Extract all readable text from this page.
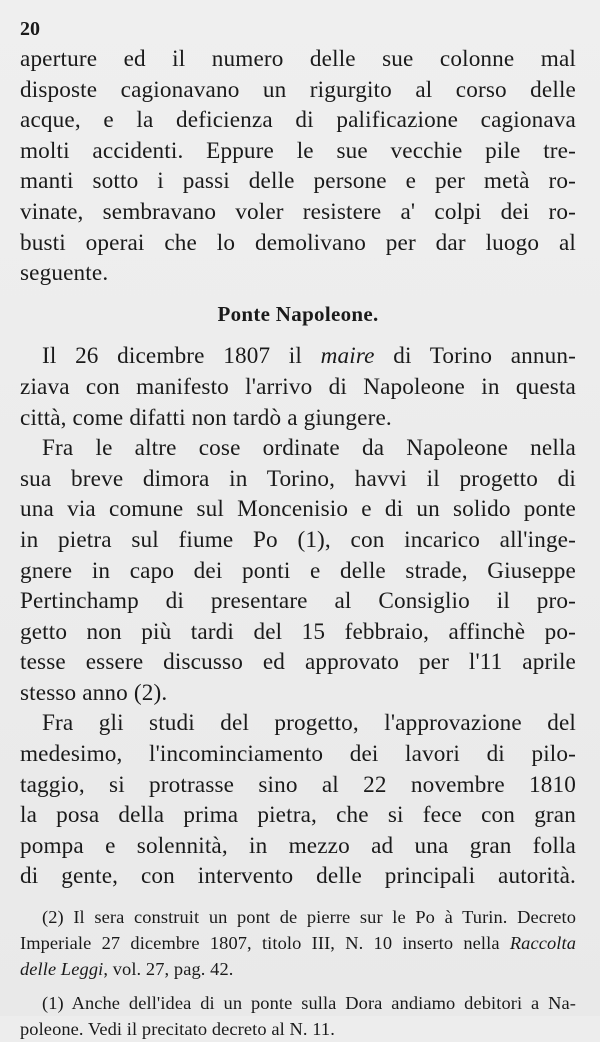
20
aperture ed il numero delle sue colonne mal
disposte cagionavano un rigurgito al corso delle
acque, e la deficienza di palificazione cagionava
molti accidenti. Eppure le sue vecchie pile tre-
manti sotto i passi delle persone e per metà ro-
vinate, sembravano voler resistere a' colpi dei ro-
busti operai che lo demolivano per dar luogo al
seguente.
Ponte Napoleone.
Il 26 dicembre 1807 il maire di Torino annun-
ziava con manifesto l'arrivo di Napoleone in questa
città, come difatti non tardò a giungere.
Fra le altre cose ordinate da Napoleone nella
sua breve dimora in Torino, havvi il progetto di
una via comune sul Moncenisio e di un solido ponte
in pietra sul fiume Po (1), con incarico all'inge-
gnere in capo dei ponti e delle strade, Giuseppe
Pertinchamp di presentare al Consiglio il pro-
getto non più tardi del 15 febbraio, affinchè po-
tesse essere discusso ed approvato per l'11 aprile
stesso anno (2).
Fra gli studi del progetto, l'approvazione del
medesimo, l'incominciamento dei lavori di pilo-
taggio, si protrasse sino al 22 novembre 1810
la posa della prima pietra, che si fece con gran
pompa e solennità, in mezzo ad una gran folla
di gente, con intervento delle principali autorità.
(2) Il sera construit un pont de pierre sur le Po à Turin. Decreto
Imperiale 27 dicembre 1807, titolo III, N. 10 inserto nella Raccolta
delle Leggi, vol. 27, pag. 42.
(1) Anche dell'idea di un ponte sulla Dora andiamo debitori a Na-
poleone. Vedi il precitato decreto al N. 11.
